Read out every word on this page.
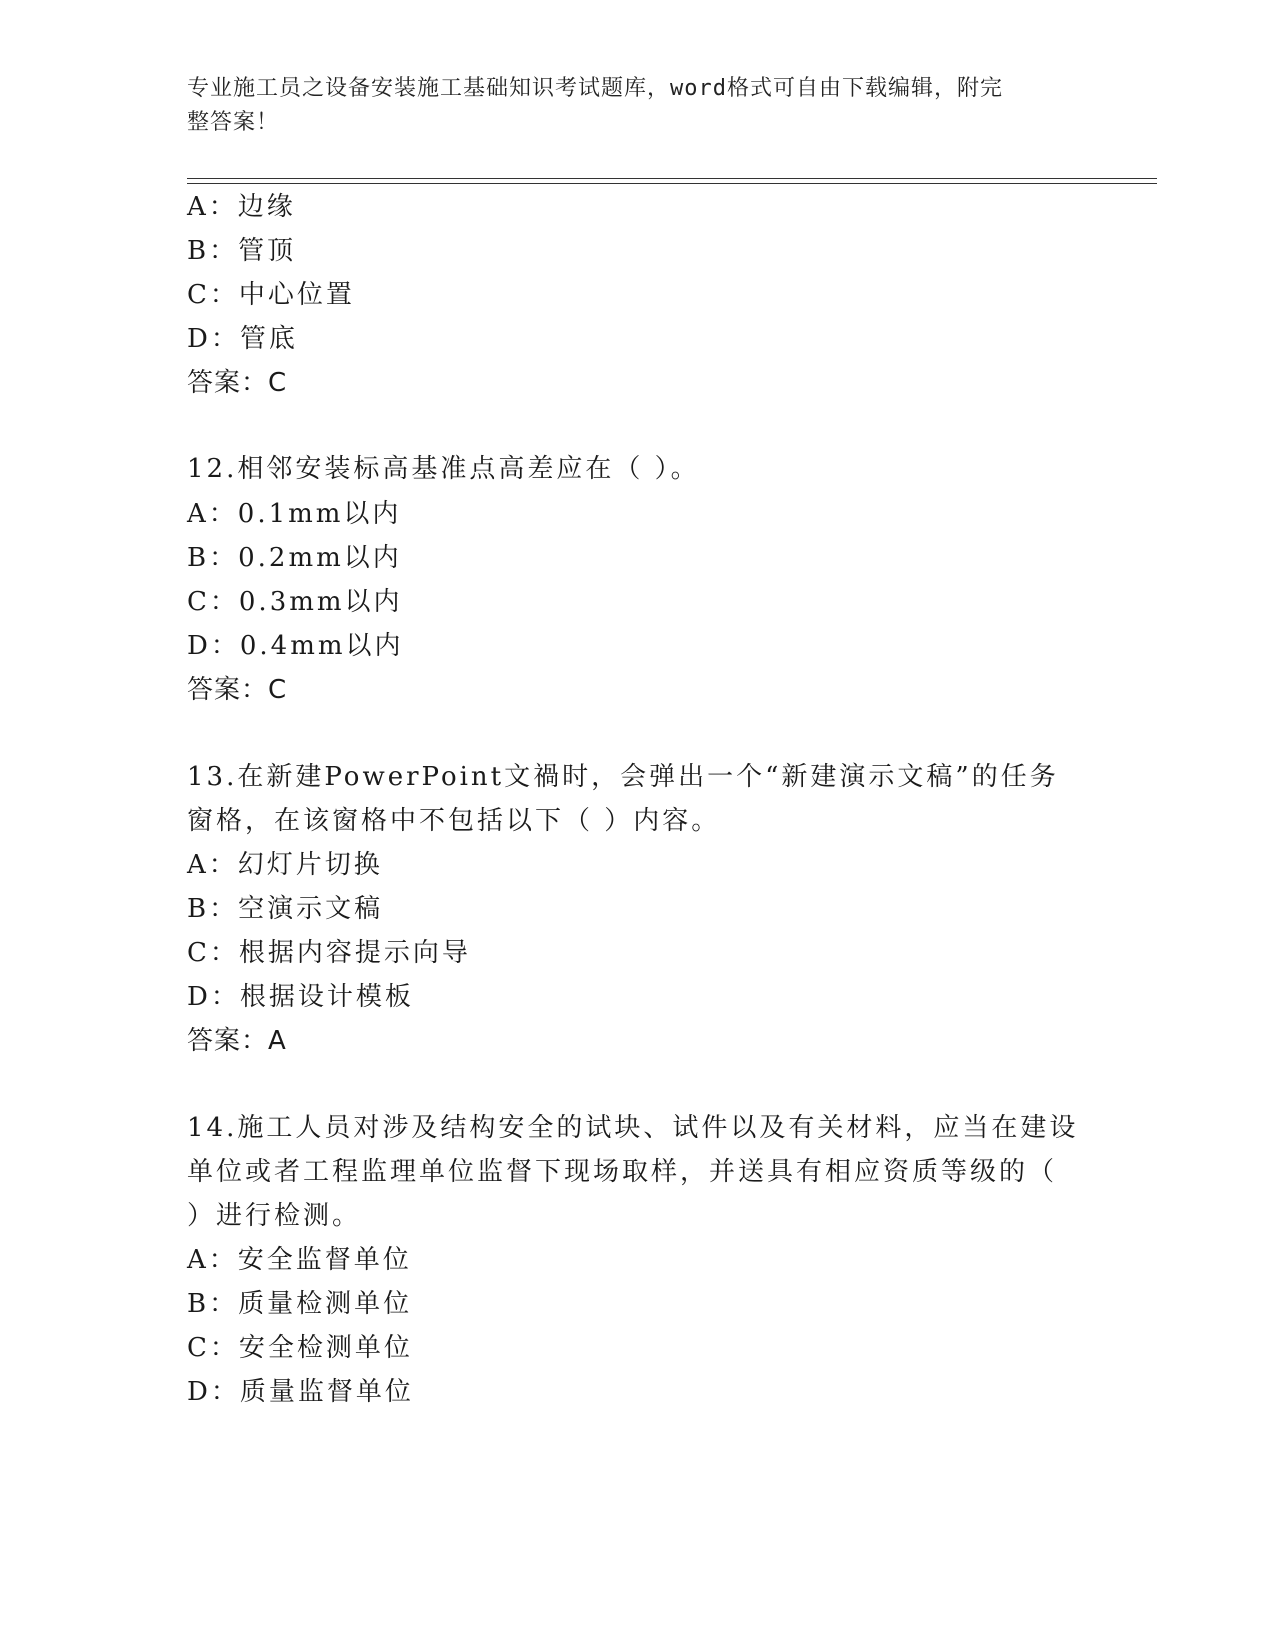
专业施工员之设备安装施工基础知识考试题库，word格式可自由下载编辑，附完
整答案！
A：边缘
B：管顶
C：中心位置
D：管底
答案：C
12.相邻安装标高基准点高差应在（ ）。
A：0.1mm以内
B：0.2mm以内
C：0.3mm以内
D：0.4mm以内
答案：C
13.在新建PowerPoint文禍时，会弹出一个“新建演示文稿”的任务
窗格，在该窗格中不包括以下（ ）内容。
A：幻灯片切换
B：空演示文稿
C：根据内容提示向导
D：根据设计模板
答案：A
14.施工人员对涉及结构安全的试块、试件以及有关材料，应当在建设
单位或者工程监理单位监督下现场取样，并送具有相应资质等级的（
）进行检测。
A：安全监督单位
B：质量检测单位
C：安全检测单位
D：质量监督单位
